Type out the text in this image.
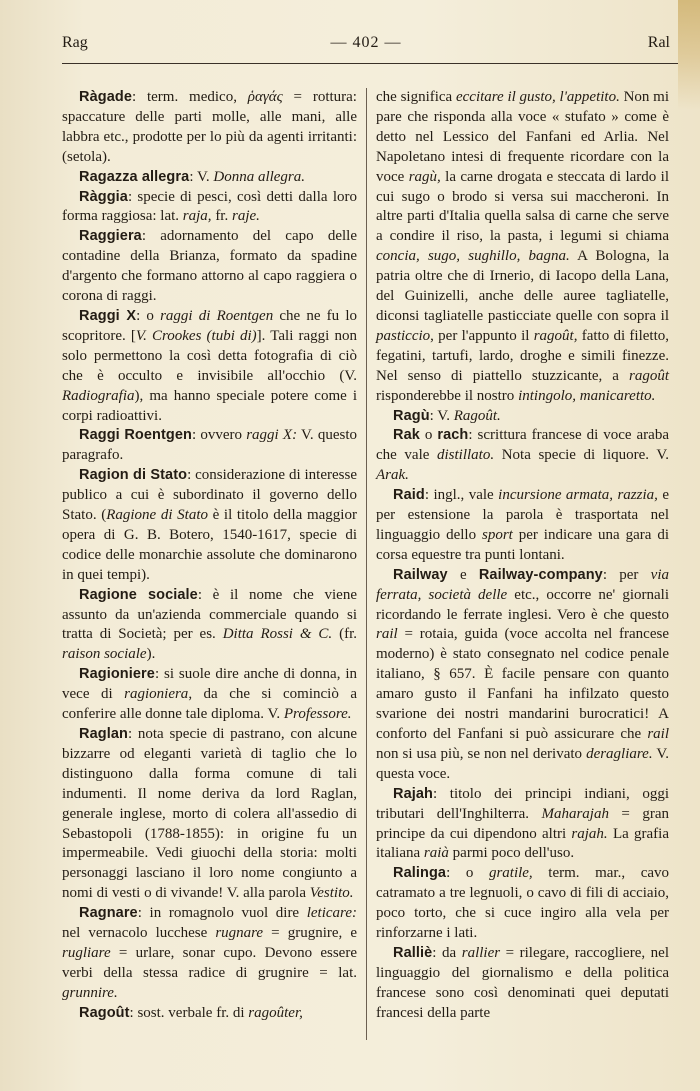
Rag	— 402 —	Ral

Ràgade: term. medico, ῥαγάς = rottura: spaccature delle parti molle, alle mani, alle labbra etc., prodotte per lo più da agenti irritanti: (setola).

Ragazza allegra: V. Donna allegra.

Ràggia: specie di pesci, così detti dalla loro forma raggiosa: lat. raja, fr. raje.

Raggiera: adornamento del capo delle contadine della Brianza, formato da spadine d'argento che formano attorno al capo raggiera o corona di raggi.

Raggi X: o raggi di Roentgen che ne fu lo scopritore. [V. Crookes (tubi di)]. Tali raggi non solo permettono la così detta fotografia di ciò che è occulto e invisibile all'occhio (V. Radiografia), ma hanno speciale potere come i corpi radioattivi.

Raggi Roentgen: ovvero raggi X: V. questo paragrafo.

Ragion di Stato: considerazione di interesse publico a cui è subordinato il governo dello Stato. (Ragione di Stato è il titolo della maggior opera di G. B. Botero, 1540-1617, specie di codice delle monarchie assolute che dominarono in quei tempi).

Ragione sociale: è il nome che viene assunto da un'azienda commerciale quando si tratta di Società; per es. Ditta Rossi & C. (fr. raison sociale).

Ragioniere: si suole dire anche di donna, in vece di ragioniera, da che si cominciò a conferire alle donne tale diploma. V. Professore.

Raglan: nota specie di pastrano, con alcune bizzarre od eleganti varietà di taglio che lo distinguono dalla forma comune di tali indumenti. Il nome deriva da lord Raglan, generale inglese, morto di colera all'assedio di Sebastopoli (1788-1855): in origine fu un impermeabile. Vedi giuochi della storia: molti personaggi lasciano il loro nome congiunto a nomi di vesti o di vivande! V. alla parola Vestito.

Ragnare: in romagnolo vuol dire leticare: nel vernacolo lucchese rugnare = grugnire, e rugliare = urlare, sonar cupo. Devono essere verbi della stessa radice di grugnire = lat. grunnire.

Ragoût: sost. verbale fr. di ragoûter,

che significa eccitare il gusto, l'appetito. Non mi pare che risponda alla voce « stufato » come è detto nel Lessico del Fanfani ed Arlia. Nel Napoletano intesi di frequente ricordare con la voce ragù, la carne drogata e steccata di lardo il cui sugo o brodo si versa sui maccheroni. In altre parti d'Italia quella salsa di carne che serve a condire il riso, la pasta, i legumi si chiama concia, sugo, sughillo, bagna. A Bologna, la patria oltre che di Irnerio, di Iacopo della Lana, del Guinizelli, anche delle auree tagliatelle, diconsi tagliatelle pasticciate quelle con sopra il pasticcio, per l'appunto il ragoût, fatto di filetto, fegatini, tartufi, lardo, droghe e simili finezze. Nel senso di piattello stuzzicante, a ragoût risponderebbe il nostro intingolo, manicaretto.

Ragù: V. Ragoût.

Rak o rach: scrittura francese di voce araba che vale distillato. Nota specie di liquore. V. Arak.

Raid: ingl., vale incursione armata, razzia, e per estensione la parola è trasportata nel linguaggio dello sport per indicare una gara di corsa equestre tra punti lontani.

Railway e Railway-company: per via ferrata, società delle etc., occorre ne' giornali ricordando le ferrate inglesi. Vero è che questo rail = rotaia, guida (voce accolta nel francese moderno) è stato consegnato nel codice penale italiano, § 657. È facile pensare con quanto amaro gusto il Fanfani ha infilzato questo svarione dei nostri mandarini burocratici! A conforto del Fanfani si può assicurare che rail non si usa più, se non nel derivato deragliare. V. questa voce.

Rajah: titolo dei principi indiani, oggi tributari dell'Inghilterra. Maharajah = gran principe da cui dipendono altri rajah. La grafia italiana raià parmi poco dell'uso.

Ralinga: o gratile, term. mar., cavo catramato a tre legnuoli, o cavo di fili di acciaio, poco torto, che si cuce ingiro alla vela per rinforzarne i lati.

Ralliè: da rallier = rilegare, raccogliere, nel linguaggio del giornalismo e della politica francese sono così denominati quei deputati francesi della parte
